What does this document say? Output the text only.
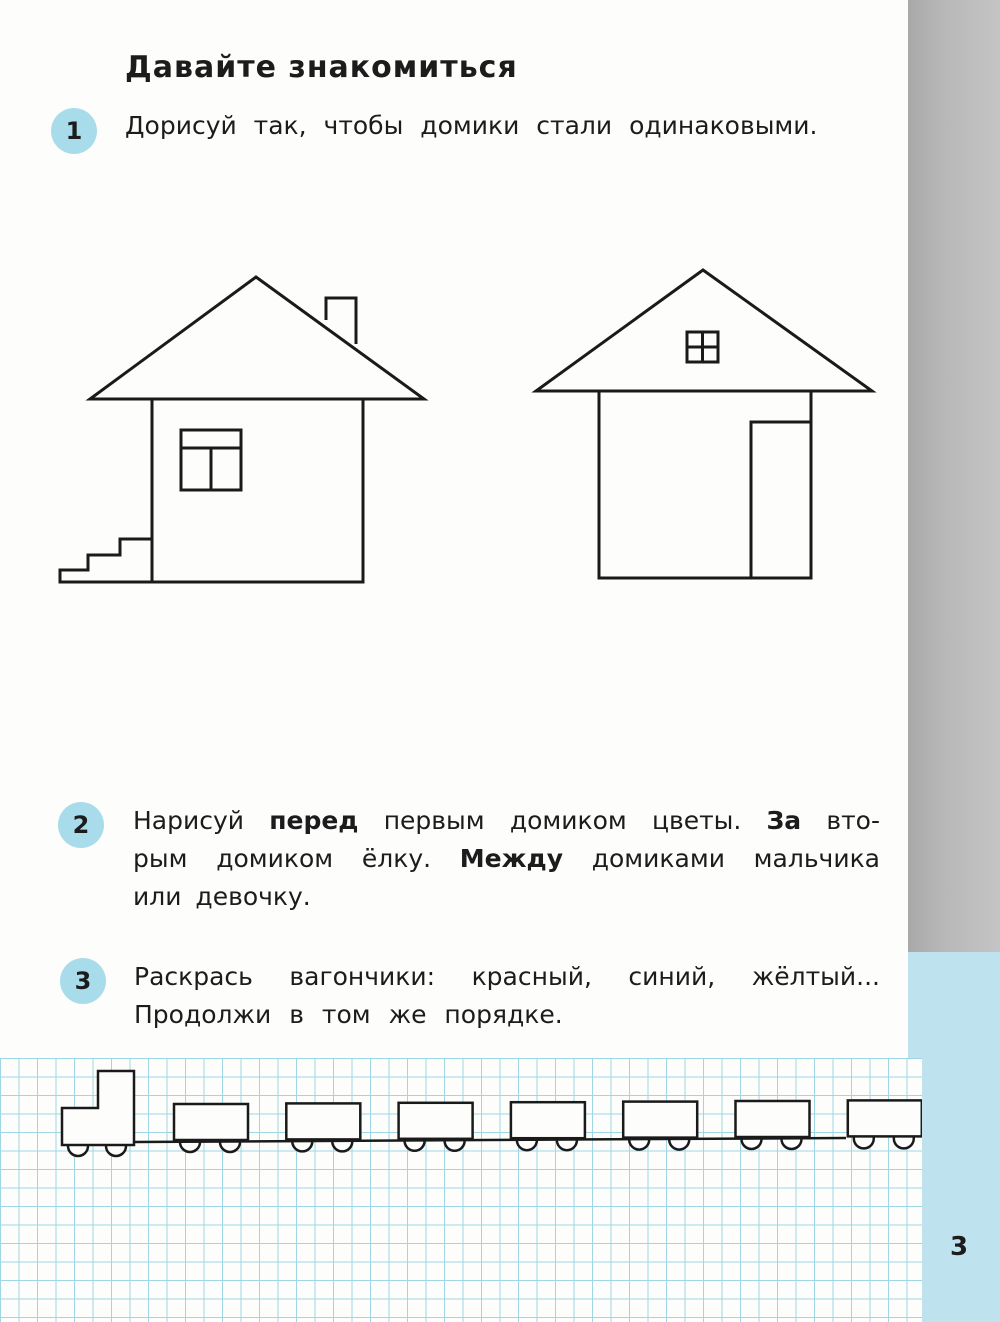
Давайте знакомиться
1	Дорисуй так, чтобы домики стали одинаковыми.

2	Нарисуй перед первым домиком цветы. За вто-

рым домиком ёлку. Между домиками мальчика

или девочку.

3	Раскрась вагончики: красный, синий, жёлтый...

Продолжи в том же порядке.

3
